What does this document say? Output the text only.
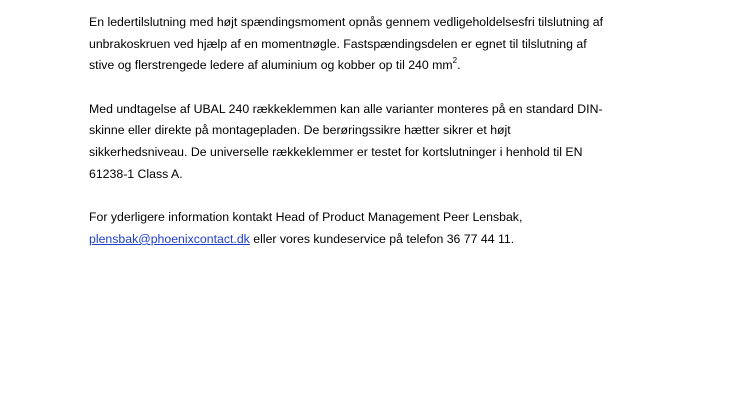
En ledertilslutning med højt spændingsmoment opnås gennem vedligeholdelsesfri tilslutning af
unbrakoskruen ved hjælp af en momentnøgle. Fastspændingsdelen er egnet til tilslutning af
stive og flerstrengede ledere af aluminium og kobber op til 240 $mm^2$.
Med undtagelse af UBAL 240 rækkeklemmen kan alle varianter monteres på en standard DIN-
skinne eller direkte på montagepladen. De berøringssikre hætter sikrer et højt
sikkerhedsniveau. De universelle rækkeklemmer er testet for kortslutninger i henhold til EN
61238-1 Class A.
For yderligere information kontakt Head of Product Management Peer Lensbak,
plensbak@phoenixcontact.dk eller vores kundeservice på telefon 36 77 44 11.
